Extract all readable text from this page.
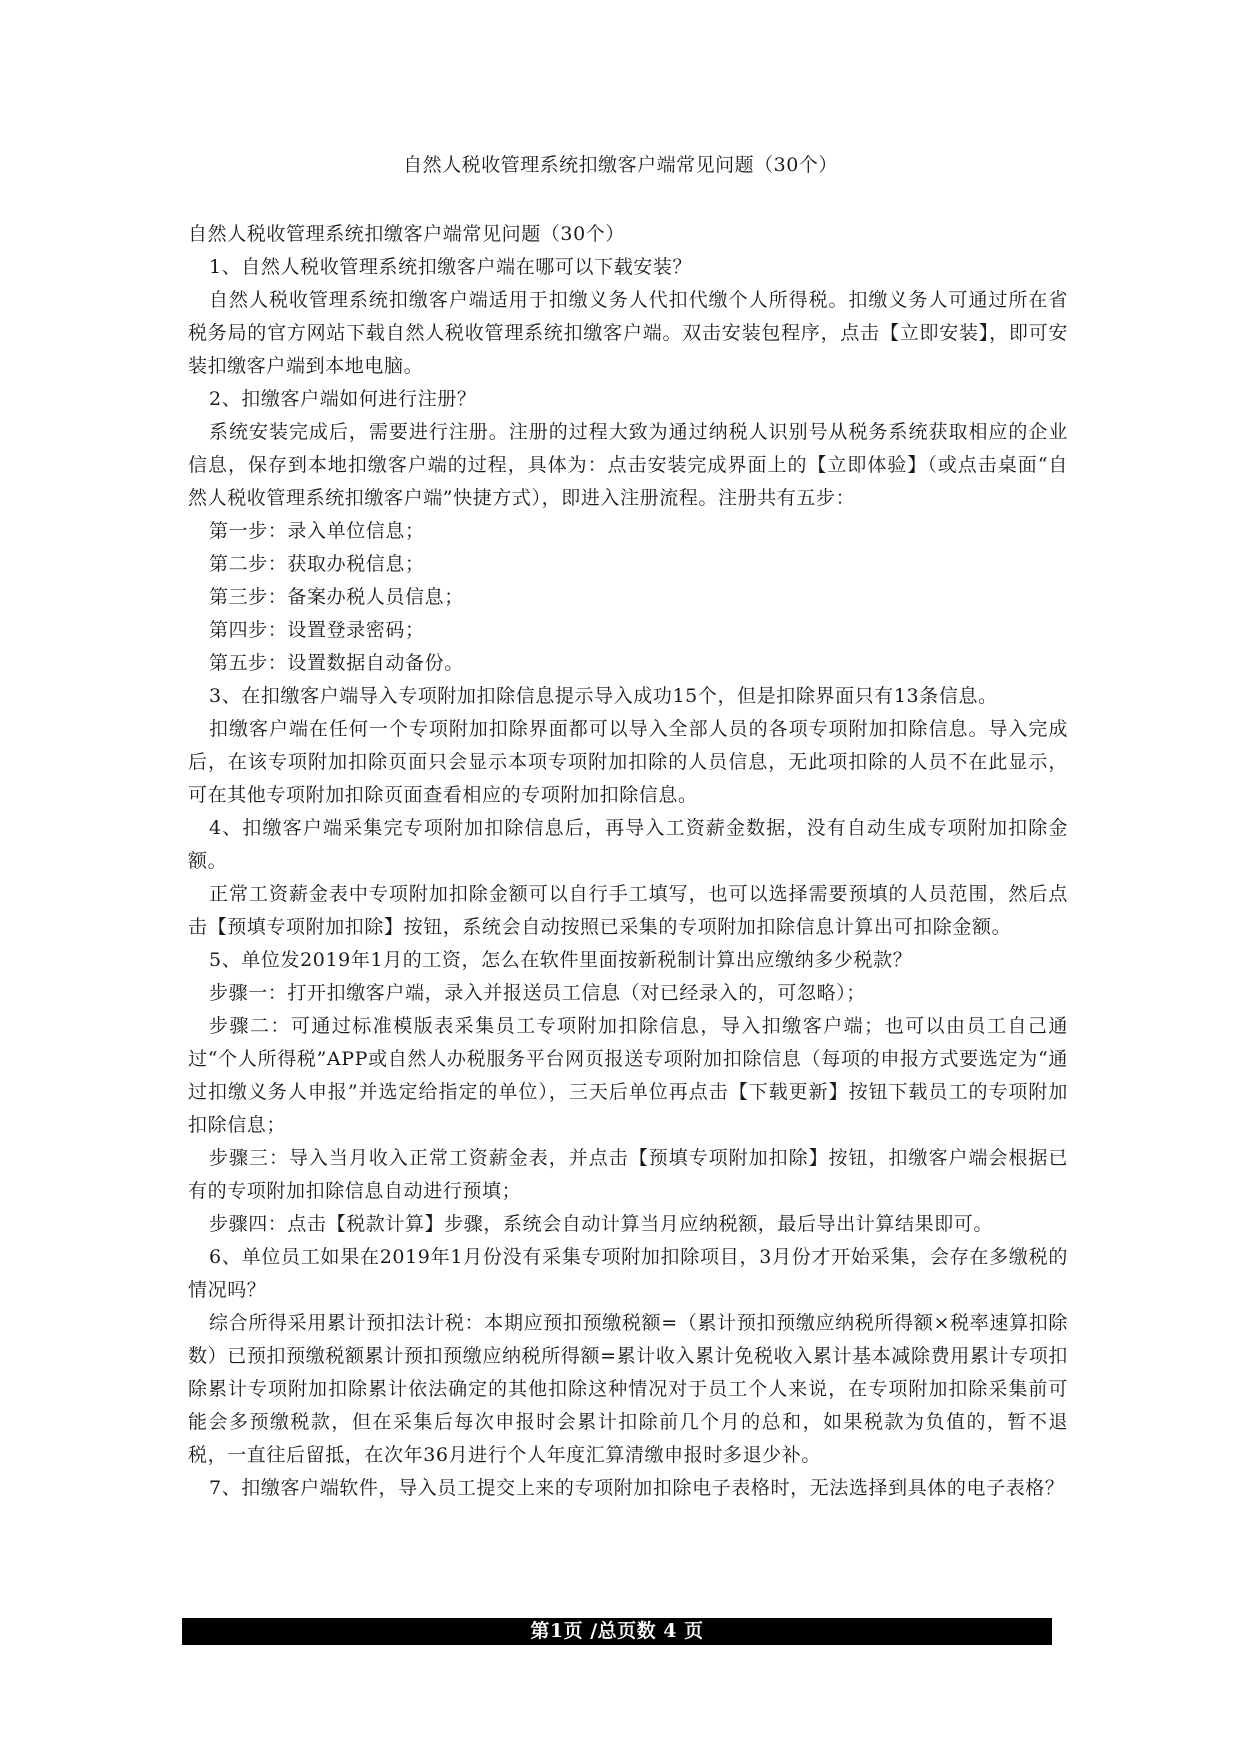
自然人税收管理系统扣缴客户端常见问题（30个）

自然人税收管理系统扣缴客户端常见问题（30个）

1、自然人税收管理系统扣缴客户端在哪可以下载安装？

自然人税收管理系统扣缴客户端适用于扣缴义务人代扣代缴个人所得税。扣缴义务人可通过所在省税务局的官方网站下载自然人税收管理系统扣缴客户端。双击安装包程序，点击【立即安装】，即可安装扣缴客户端到本地电脑。

2、扣缴客户端如何进行注册？

系统安装完成后，需要进行注册。注册的过程大致为通过纳税人识别号从税务系统获取相应的企业信息，保存到本地扣缴客户端的过程，具体为：点击安装完成界面上的【立即体验】（或点击桌面“自然人税收管理系统扣缴客户端”快捷方式），即进入注册流程。注册共有五步：

第一步：录入单位信息；

第二步：获取办税信息；

第三步：备案办税人员信息；

第四步：设置登录密码；

第五步：设置数据自动备份。

3、在扣缴客户端导入专项附加扣除信息提示导入成功15个，但是扣除界面只有13条信息。

扣缴客户端在任何一个专项附加扣除界面都可以导入全部人员的各项专项附加扣除信息。导入完成后，在该专项附加扣除页面只会显示本项专项附加扣除的人员信息，无此项扣除的人员不在此显示，可在其他专项附加扣除页面查看相应的专项附加扣除信息。

4、扣缴客户端采集完专项附加扣除信息后，再导入工资薪金数据，没有自动生成专项附加扣除金额。

正常工资薪金表中专项附加扣除金额可以自行手工填写，也可以选择需要预填的人员范围，然后点击【预填专项附加扣除】按钮，系统会自动按照已采集的专项附加扣除信息计算出可扣除金额。

5、单位发2019年1月的工资，怎么在软件里面按新税制计算出应缴纳多少税款？

步骤一：打开扣缴客户端，录入并报送员工信息（对已经录入的，可忽略）；

步骤二：可通过标准模版表采集员工专项附加扣除信息，导入扣缴客户端；也可以由员工自己通过“个人所得税”APP或自然人办税服务平台网页报送专项附加扣除信息（每项的申报方式要选定为“通过扣缴义务人申报”并选定给指定的单位），三天后单位再点击【下载更新】按钮下载员工的专项附加扣除信息；

步骤三：导入当月收入正常工资薪金表，并点击【预填专项附加扣除】按钮，扣缴客户端会根据已有的专项附加扣除信息自动进行预填；

步骤四：点击【税款计算】步骤，系统会自动计算当月应纳税额，最后导出计算结果即可。

6、单位员工如果在2019年1月份没有采集专项附加扣除项目，3月份才开始采集，会存在多缴税的情况吗？

综合所得采用累计预扣法计税：本期应预扣预缴税额=（累计预扣预缴应纳税所得额×税率速算扣除数）已预扣预缴税额累计预扣预缴应纳税所得额=累计收入累计免税收入累计基本减除费用累计专项扣除累计专项附加扣除累计依法确定的其他扣除这种情况对于员工个人来说，在专项附加扣除采集前可能会多预缴税款，但在采集后每次申报时会累计扣除前几个月的总和，如果税款为负值的，暂不退税，一直往后留抵，在次年36月进行个人年度汇算清缴申报时多退少补。

7、扣缴客户端软件，导入员工提交上来的专项附加扣除电子表格时，无法选择到具体的电子表格？

第1页 /总页数 4 页
